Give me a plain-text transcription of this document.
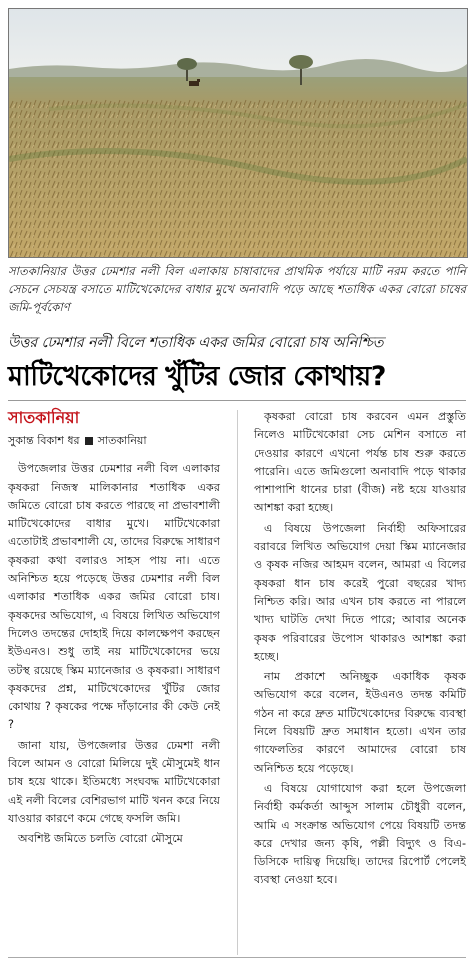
সাতকানিয়ার উত্তর ঢেমশার নলী বিল এলাকায় চাষাবাদের প্রাথমিক পর্যায়ে মাটি নরম করতে পানি সেচনে সেচযন্ত্র বসাতে মাটিখেকোদের বাধার মুখে অনাবাদি পড়ে আছে শতাধিক একর বোরো চাষের জমি-পূর্বকোণ
উত্তর ঢেমশার নলী বিলে শতাধিক একর জমির বোরো চাষ অনিশ্চিত
মাটিখেকোদের খুঁটির জোর কোথায়?
সাতকানিয়া
সুকান্ত বিকাশ ধর সাতকানিয়া

উপজেলার উত্তর ঢেমশার নলী বিল এলাকার কৃষকরা নিজস্ব মালিকানার শতাধিক একর জমিতে বোরো চাষ করতে পারছে না প্রভাবশালী মাটিখেকোদের বাধার মুখে। মাটিখেকোরা এতোটাই প্রভাবশালী যে, তাদের বিরুদ্ধে সাধারণ কৃষকরা কথা বলারও সাহস পায় না। এতে অনিশ্চিত হয়ে পড়েছে উত্তর ঢেমশার নলী বিল এলাকার শতাধিক একর জমির বোরো চাষ। কৃষকদের অভিযোগ, এ বিষয়ে লিখিত অভিযোগ দিলেও তদন্তের দোহাই দিয়ে কালক্ষেপণ করছেন ইউএনও। শুধু তাই নয় মাটিখেকোদের ভয়ে তটস্থ রয়েছে স্কিম ম্যানেজার ও কৃষকরা। সাধারণ কৃষকদের প্রশ্ন, মাটিখেকোদের খুঁটির জোর কোথায় ? কৃষকের পক্ষে দাঁড়ানোর কী কেউ নেই ?

জানা যায়, উপজেলার উত্তর ঢেমশা নলী বিলে আমন ও বোরো মিলিয়ে দুই মৌসুমেই ধান চাষ হয়ে থাকে। ইতিমধ্যে সংঘবদ্ধ মাটিখেকোরা এই নলী বিলের বেশিরভাগ মাটি খনন করে নিয়ে যাওয়ার কারণে কমে গেছে ফসলি জমি।

অবশিষ্ট জমিতে চলতি বোরো মৌসুমে

কৃষকরা বোরো চাষ করবেন এমন প্রস্তুতি নিলেও মাটিখেকোরা সেচ মেশিন বসাতে না দেওয়ার কারণে এখনো পর্যন্ত চাষ শুরু করতে পারেনি। এতে জমিগুলো অনাবাদি পড়ে থাকার পাশাপাশি ধানের চারা (বীজ) নষ্ট হয়ে যাওয়ার আশঙ্কা করা হচ্ছে।

এ বিষয়ে উপজেলা নির্বাহী অফিসারের বরাবরে লিখিত অভিযোগ দেয়া স্কিম ম্যানেজার ও কৃষক নজির আহমদ বলেন, আমরা এ বিলের কৃষকরা ধান চাষ করেই পুরো বছরের খাদ্য নিশ্চিত করি। আর এখন চাষ করতে না পারলে খাদ্য ঘাটতি দেখা দিতে পারে; আবার অনেক কৃষক পরিবারের উপোস থাকারও আশঙ্কা করা হচ্ছে।

নাম প্রকাশে অনিচ্ছুক একাধিক কৃষক অভিযোগ করে বলেন, ইউএনও তদন্ত কমিটি গঠন না করে দ্রুত মাটিখেকোদের বিরুদ্ধে ব্যবস্থা নিলে বিষয়টি দ্রুত সমাধান হতো। এখন তার গাফেলতির কারণে আমাদের বোরো চাষ অনিশ্চিত হয়ে পড়েছে।

এ বিষয়ে যোগাযোগ করা হলে উপজেলা নির্বাহী কর্মকর্তা আব্দুস সালাম চৌধুরী বলেন, আমি এ সংক্রান্ত অভিযোগ পেয়ে বিষয়টি তদন্ত করে দেখার জন্য কৃষি, পল্লী বিদ্যুৎ ও বিএ-ডিসিকে দায়িত্ব দিয়েছি। তাদের রিপোর্ট পেলেই ব্যবস্থা নেওয়া হবে।
